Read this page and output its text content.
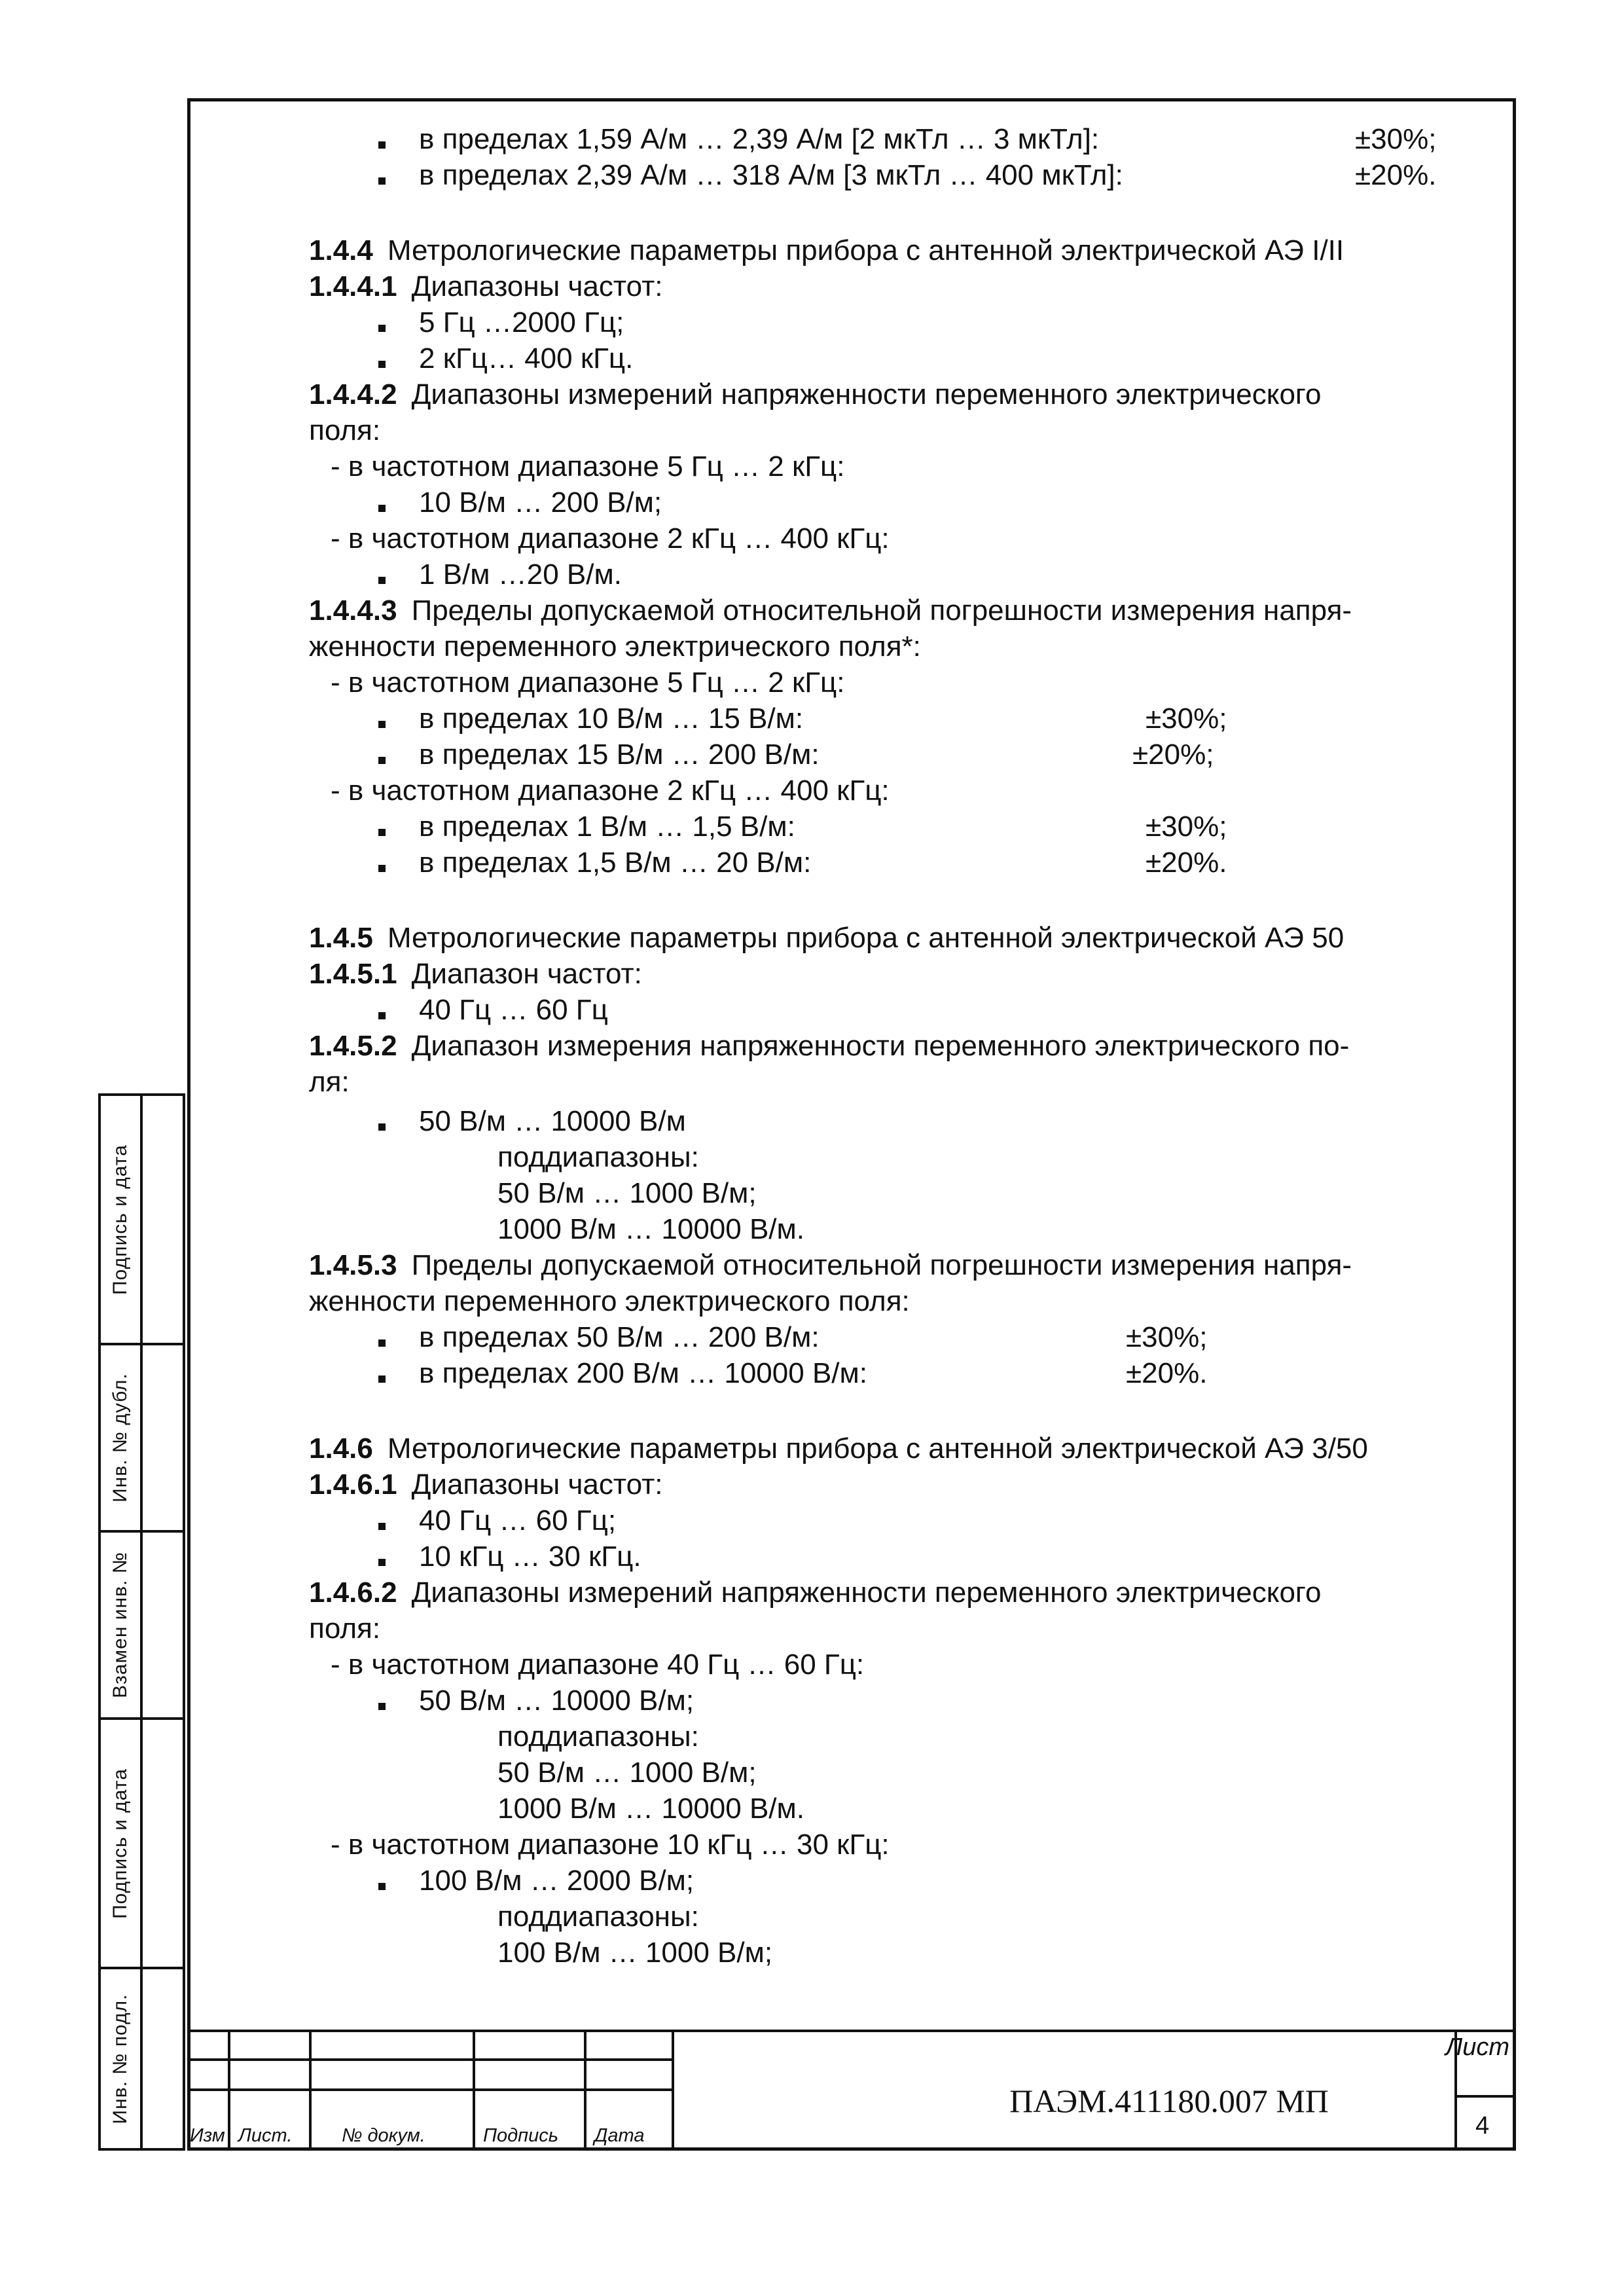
Подпись и дата
Инв. № дубл.
Взамен инв. №
Подпись и дата
Инв. № подл.
в пределах 1,59 А/м … 2,39 А/м [2 мкТл … 3 мкТл]:	±30%;
в пределах 2,39 А/м … 318 А/м [3 мкТл … 400 мкТл]:	±20%.
1.4.4  Метрологические параметры прибора с антенной электрической АЭ I/II
1.4.4.1  Диапазоны частот:
5 Гц …2000 Гц;
2 кГц… 400 кГц.
1.4.4.2  Диапазоны измерений напряженности переменного электрического
поля:
- в частотном диапазоне 5 Гц … 2 кГц:
10 В/м … 200 В/м;
- в частотном диапазоне 2 кГц … 400 кГц:
1 В/м …20 В/м.
1.4.4.3  Пределы допускаемой относительной погрешности измерения напря-
женности переменного электрического поля*:
- в частотном диапазоне 5 Гц … 2 кГц:
в пределах 10 В/м … 15 В/м:	±30%;
в пределах 15 В/м … 200 В/м:	±20%;
- в частотном диапазоне 2 кГц … 400 кГц:
в пределах 1 В/м … 1,5 В/м:	±30%;
в пределах 1,5 В/м … 20 В/м:	±20%.
1.4.5  Метрологические параметры прибора с антенной электрической АЭ 50
1.4.5.1  Диапазон частот:
40 Гц … 60 Гц
1.4.5.2  Диапазон измерения напряженности переменного электрического по-
ля:
50 В/м … 10000 В/м
поддиапазоны:
50 В/м … 1000 В/м;
1000 В/м … 10000 В/м.
1.4.5.3  Пределы допускаемой относительной погрешности измерения напря-
женности переменного электрического поля:
в пределах 50 В/м … 200 В/м:	±30%;
в пределах 200 В/м … 10000 В/м:	±20%.
1.4.6  Метрологические параметры прибора с антенной электрической АЭ 3/50
1.4.6.1  Диапазоны частот:
40 Гц … 60 Гц;
10 кГц … 30 кГц.
1.4.6.2  Диапазоны измерений напряженности переменного электрического
поля:
- в частотном диапазоне 40 Гц … 60 Гц:
50 В/м … 10000 В/м;
поддиапазоны:
50 В/м … 1000 В/м;
1000 В/м … 10000 В/м.
- в частотном диапазоне 10 кГц … 30 кГц:
100 В/м … 2000 В/м;
поддиапазоны:
100 В/м … 1000 В/м;
Изм Лист.	№ докум.	Подпись Дата
ПАЭМ.411180.007 МП
Лист
4
